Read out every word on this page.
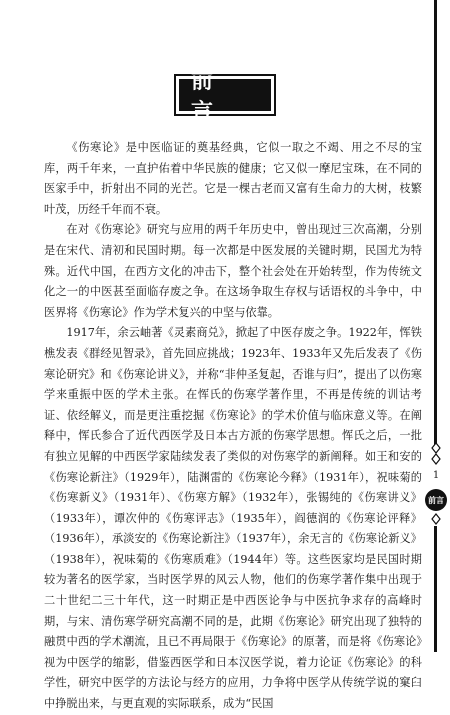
前 言

《伤寒论》是中医临证的奠基经典，它似一取之不竭、用之不尽的宝库，两千年来，一直护佑着中华民族的健康；它又似一摩尼宝珠，在不同的医家手中，折射出不同的光芒。它是一棵古老而又富有生命力的大树，枝繁叶茂，历经千年而不衰。

在对《伤寒论》研究与应用的两千年历史中，曾出现过三次高潮，分别是在宋代、清初和民国时期。每一次都是中医发展的关键时期，民国尤为特殊。近代中国，在西方文化的冲击下，整个社会处在开始转型，作为传统文化之一的中医甚至面临存废之争。在这场争取生存权与话语权的斗争中，中医界将《伤寒论》作为学术复兴的中坚与依靠。

1917年，余云岫著《灵素商兑》，掀起了中医存废之争。1922年，恽铁樵发表《群经见智录》，首先回应挑战；1923年、1933年又先后发表了《伤寒论研究》和《伤寒论讲义》，并称“非仲圣复起，否谁与归”，提出了以伤寒学来重振中医的学术主张。在恽氏的伤寒学著作里，不再是传统的训诂考证、依经解义，而是更注重挖掘《伤寒论》的学术价值与临床意义等。在阐释中，恽氏参合了近代西医学及日本古方派的伤寒学思想。恽氏之后，一批有独立见解的中西医学家陆续发表了类似的对伤寒学的新阐释。如王和安的《伤寒论新注》（1929年），陆渊雷的《伤寒论今释》（1931年），祝味菊的《伤寒新义》（1931年）、《伤寒方解》（1932年），张锡纯的《伤寒讲义》（1933年），谭次仲的《伤寒评志》（1935年），阎德润的《伤寒论评释》（1936年），承淡安的《伤寒论新注》（1937年），余无言的《伤寒论新义》（1938年），祝味菊的《伤寒质难》（1944年）等。这些医家均是民国时期较为著名的医学家，当时医学界的风云人物，他们的伤寒学著作集中出现于二十世纪二三十年代，这一时期正是中西医论争与中医抗争求存的高峰时期，与宋、清伤寒学研究高潮不同的是，此期《伤寒论》研究出现了独特的融贯中西的学术潮流，且已不再局限于《伤寒论》的原著，而是将《伤寒论》视为中医学的缩影，借鉴西医学和日本汉医学说，着力论证《伤寒论》的科学性，研究中医学的方法论与经方的应用，力争将中医学从传统学说的窠臼中挣脱出来，与更直观的实际联系，成为“民国

1
前言
